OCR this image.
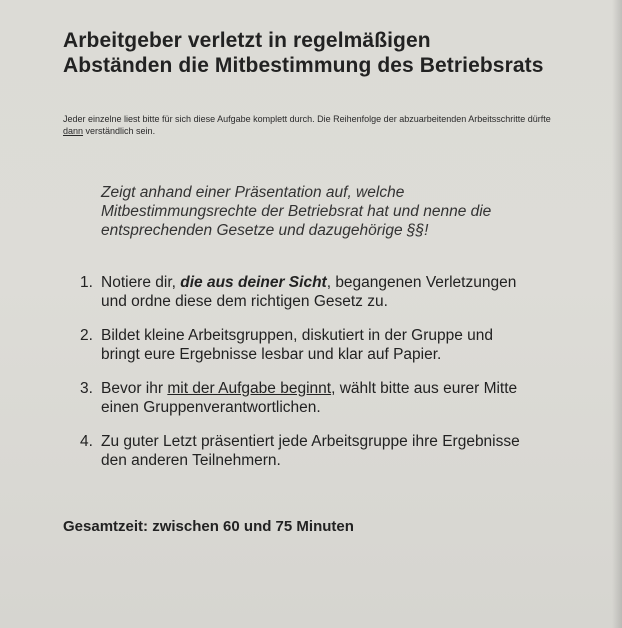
Arbeitgeber verletzt in regelmäßigen
Abständen die Mitbestimmung des Betriebsrats

Jeder einzelne liest bitte für sich diese Aufgabe komplett durch. Die Reihenfolge der abzuarbeitenden Arbeitsschritte dürfte dann verständlich sein.

Zeigt anhand einer Präsentation auf, welche
Mitbestimmungsrechte der Betriebsrat hat und nenne die
entsprechenden Gesetze und dazugehörige §§!

1. Notiere dir, die aus deiner Sicht, begangenen Verletzungen
und ordne diese dem richtigen Gesetz zu.
2. Bildet kleine Arbeitsgruppen, diskutiert in der Gruppe und
bringt eure Ergebnisse lesbar und klar auf Papier.
3. Bevor ihr mit der Aufgabe beginnt, wählt bitte aus eurer Mitte
einen Gruppenverantwortlichen.
4. Zu guter Letzt präsentiert jede Arbeitsgruppe ihre Ergebnisse
den anderen Teilnehmern.

Gesamtzeit: zwischen 60 und 75 Minuten
